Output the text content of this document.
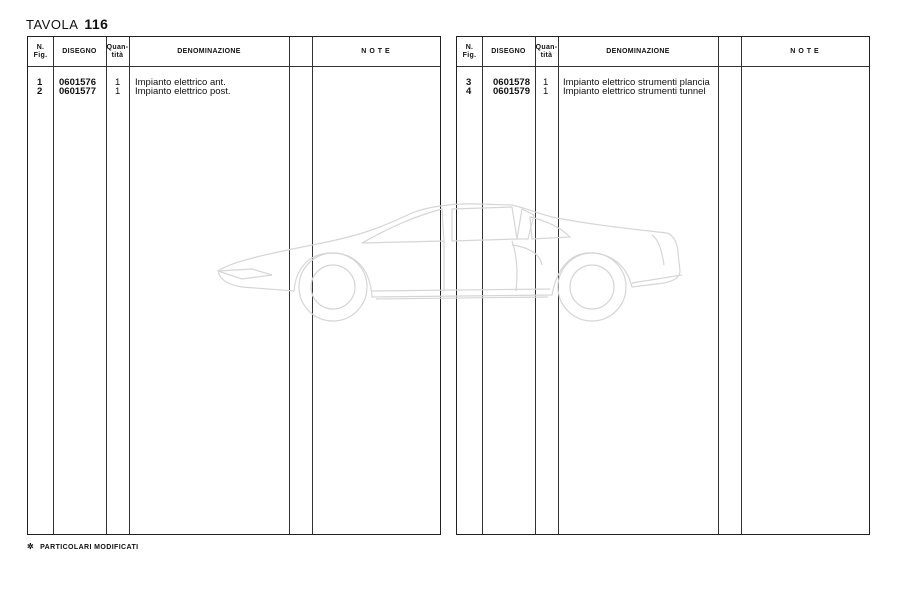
TAVOLA 116
N.
Fig.
DISEGNO
Quan-
tità
DENOMINAZIONE	NOTE
1 0601576 1 Impianto elettrico ant.
2 0601577 1 Impianto elettrico post.
N.
Fig.
DISEGNO
Quan-
tità
DENOMINAZIONE	NOTE
3 0601578 1 Impianto elettrico strumenti plancia
4 0601579 1 Impianto elettrico strumenti tunnel
✲ PARTICOLARI MODIFICATI
